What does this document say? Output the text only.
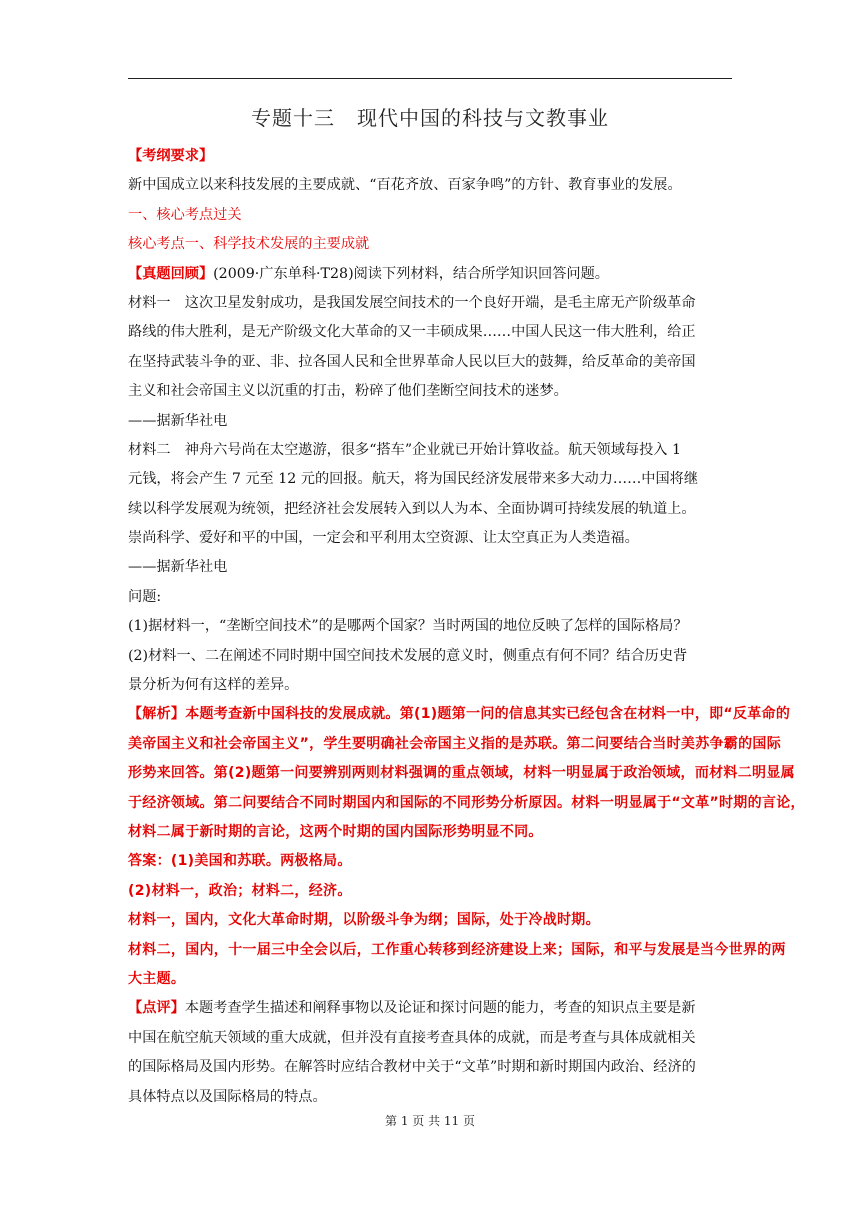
专题十三 现代中国的科技与文教事业
【考纲要求】
新中国成立以来科技发展的主要成就、“百花齐放、百家争鸣”的方针、教育事业的发展。
一、核心考点过关
核心考点一、科学技术发展的主要成就
【真题回顾】(2009·广东单科·T28)阅读下列材料，结合所学知识回答问题。
材料一　这次卫星发射成功，是我国发展空间技术的一个良好开端，是毛主席无产阶级革命
路线的伟大胜利，是无产阶级文化大革命的又一丰硕成果……中国人民这一伟大胜利，给正
在坚持武装斗争的亚、非、拉各国人民和全世界革命人民以巨大的鼓舞，给反革命的美帝国
主义和社会帝国主义以沉重的打击，粉碎了他们垄断空间技术的迷梦。
——据新华社电
材料二　神舟六号尚在太空遨游，很多“搭车”企业就已开始计算收益。航天领域每投入 1
元钱，将会产生 7 元至 12 元的回报。航天，将为国民经济发展带来多大动力……中国将继
续以科学发展观为统领，把经济社会发展转入到以人为本、全面协调可持续发展的轨道上。
崇尚科学、爱好和平的中国，一定会和平利用太空资源、让太空真正为人类造福。
——据新华社电
问题:
(1)据材料一，“垄断空间技术”的是哪两个国家？当时两国的地位反映了怎样的国际格局？
(2)材料一、二在阐述不同时期中国空间技术发展的意义时，侧重点有何不同？结合历史背
景分析为何有这样的差异。
【解析】本题考查新中国科技的发展成就。第(1)题第一问的信息其实已经包含在材料一中，即“反革命的
美帝国主义和社会帝国主义”，学生要明确社会帝国主义指的是苏联。第二问要结合当时美苏争霸的国际
形势来回答。第(2)题第一问要辨别两则材料强调的重点领域，材料一明显属于政治领域，而材料二明显属
于经济领域。第二问要结合不同时期国内和国际的不同形势分析原因。材料一明显属于“文革”时期的言论，
材料二属于新时期的言论，这两个时期的国内国际形势明显不同。
答案：(1)美国和苏联。两极格局。
(2)材料一，政治；材料二，经济。
材料一，国内，文化大革命时期，以阶级斗争为纲；国际，处于冷战时期。
材料二，国内，十一届三中全会以后，工作重心转移到经济建设上来；国际，和平与发展是当今世界的两
大主题。
【点评】本题考查学生描述和阐释事物以及论证和探讨问题的能力，考查的知识点主要是新
中国在航空航天领域的重大成就，但并没有直接考查具体的成就，而是考查与具体成就相关
的国际格局及国内形势。在解答时应结合教材中关于“文革”时期和新时期国内政治、经济的
具体特点以及国际格局的特点。
第 1 页 共 11 页
